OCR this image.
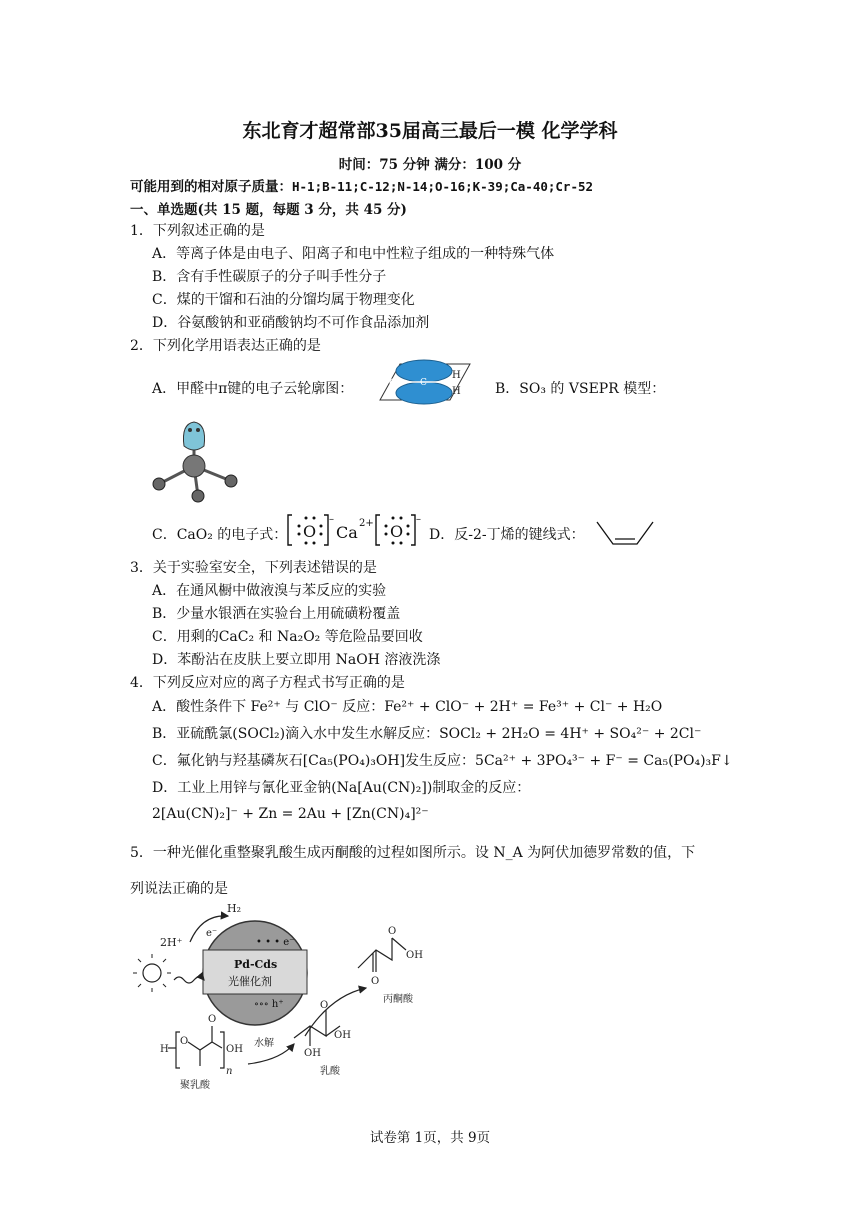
东北育才超常部35届高三最后一模 化学学科
时间：75 分钟 满分：100 分
可能用到的相对原子质量：H-1;B-11;C-12;N-14;O-16;K-39;Ca-40;Cr-52
一、单选题(共 15 题，每题 3 分，共 45 分)
1．下列叙述正确的是
A．等离子体是由电子、阳离子和电中性粒子组成的一种特殊气体
B．含有手性碳原子的分子叫手性分子
C．煤的干馏和石油的分馏均属于物理变化
D．谷氨酸钠和亚硝酸钠均不可作食品添加剂
2．下列化学用语表达正确的是
A．甲醛中π键的电子云轮廓图：	O	C
H
H B．SO₃ 的 VSEPR 模型：
C．CaO₂ 的电子式： O
–
Ca 2+ O
–
D．反-2-丁烯的键线式：
3．关于实验室安全，下列表述错误的是
A．在通风橱中做液溴与苯反应的实验
B．少量水银洒在实验台上用硫磺粉覆盖
C．用剩的CaC₂ 和 Na₂O₂ 等危险品要回收
D．苯酚沾在皮肤上要立即用 NaOH 溶液洗涤
4．下列反应对应的离子方程式书写正确的是
A．酸性条件下 Fe²⁺ 与 ClO⁻ 反应：Fe²⁺ + ClO⁻ + 2H⁺ = Fe³⁺ + Cl⁻ + H₂O
B．亚硫酰氯(SOCl₂)滴入水中发生水解反应：SOCl₂ + 2H₂O = 4H⁺ + SO₄²⁻ + 2Cl⁻
C．氟化钠与羟基磷灰石[Ca₅(PO₄)₃OH]发生反应：5Ca²⁺ + 3PO₄³⁻ + F⁻ = Ca₅(PO₄)₃F↓
D．工业上用锌与氰化亚金钠(Na[Au(CN)₂])制取金的反应：
2[Au(CN)₂]⁻ + Zn = 2Au + [Zn(CN)₄]²⁻
5．一种光催化重整聚乳酸生成丙酮酸的过程如图所示。设 N_A 为阿伏加德罗常数的值，下
列说法正确的是
H₂
2H⁺
e⁻
• • • e⁻
Pd-Cds
光催化剂
∘∘∘ h⁺
O
O
OH
丙酮酸
O
OH
OH
乳酸
水解
H
O
O
n
OH
聚乳酸
试卷第 1页，共 9页
